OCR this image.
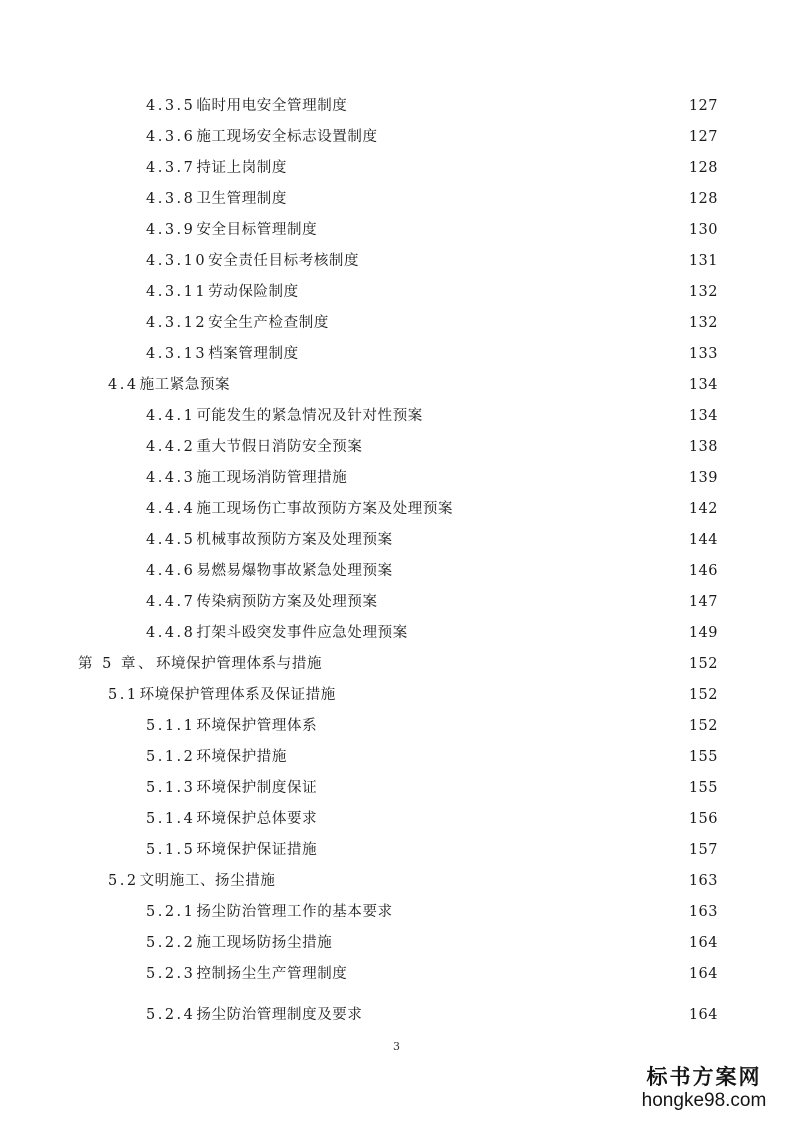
4.3.5 临时用电安全管理制度	127
4.3.6 施工现场安全标志设置制度	127
4.3.7 持证上岗制度	128
4.3.8 卫生管理制度	128
4.3.9 安全目标管理制度	130
4.3.10 安全责任目标考核制度	131
4.3.11 劳动保险制度	132
4.3.12 安全生产检查制度	132
4.3.13 档案管理制度	133
4.4 施工紧急预案	134
4.4.1 可能发生的紧急情况及针对性预案	134
4.4.2 重大节假日消防安全预案	138
4.4.3 施工现场消防管理措施	139
4.4.4 施工现场伤亡事故预防方案及处理预案	142
4.4.5 机械事故预防方案及处理预案	144
4.4.6 易燃易爆物事故紧急处理预案	146
4.4.7 传染病预防方案及处理预案	147
4.4.8 打架斗殴突发事件应急处理预案	149
第 5 章、 环境保护管理体系与措施	152
5.1 环境保护管理体系及保证措施	152
5.1.1 环境保护管理体系	152
5.1.2 环境保护措施	155
5.1.3 环境保护制度保证	155
5.1.4 环境保护总体要求	156
5.1.5 环境保护保证措施	157
5.2 文明施工、扬尘措施	163
5.2.1 扬尘防治管理工作的基本要求	163
5.2.2 施工现场防扬尘措施	164
5.2.3 控制扬尘生产管理制度	164
5.2.4 扬尘防治管理制度及要求	164
3
标书方案网
hongke98.com
